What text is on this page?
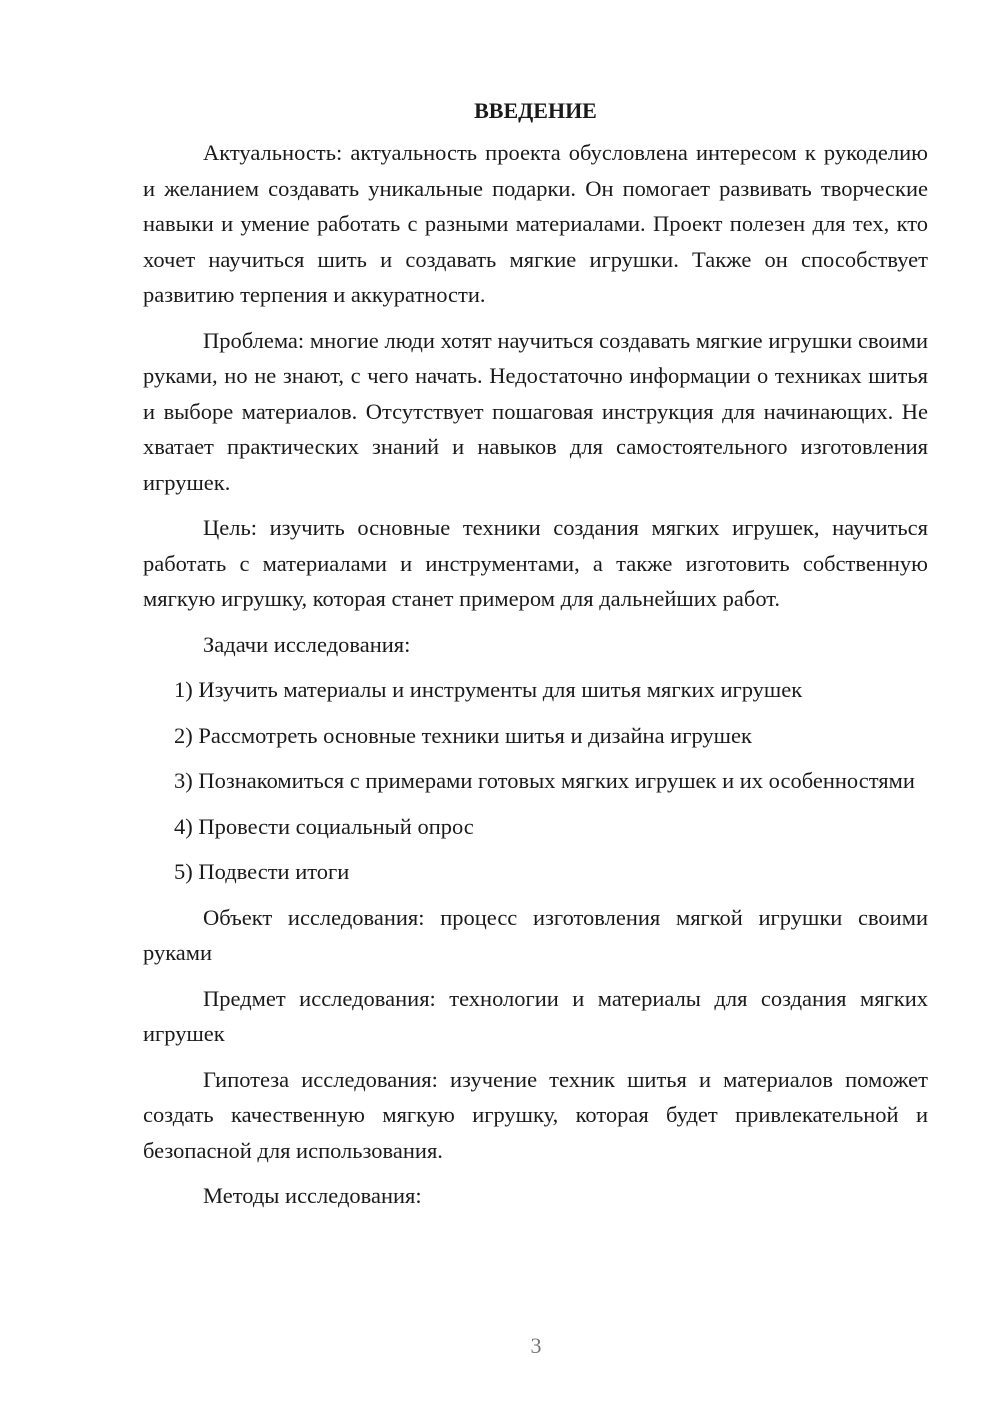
ВВЕДЕНИЕ

Актуальность: актуальность проекта обусловлена интересом к рукоделию и желанием создавать уникальные подарки. Он помогает развивать творческие навыки и умение работать с разными материалами. Проект полезен для тех, кто хочет научиться шить и создавать мягкие игрушки. Также он способствует развитию терпения и аккуратности.

Проблема: многие люди хотят научиться создавать мягкие игрушки своими руками, но не знают, с чего начать. Недостаточно информации о техниках шитья и выборе материалов. Отсутствует пошаговая инструкция для начинающих. Не хватает практических знаний и навыков для самостоятельного изготовления игрушек.

Цель: изучить основные техники создания мягких игрушек, научиться работать с материалами и инструментами, а также изготовить собственную мягкую игрушку, которая станет примером для дальнейших работ.

Задачи исследования:

1) Изучить материалы и инструменты для шитья мягких игрушек

2) Рассмотреть основные техники шитья и дизайна игрушек

3) Познакомиться с примерами готовых мягких игрушек и их особенностями

4) Провести социальный опрос

5) Подвести итоги

Объект исследования: процесс изготовления мягкой игрушки своими руками

Предмет исследования: технологии и материалы для создания мягких игрушек

Гипотеза исследования: изучение техник шитья и материалов поможет создать качественную мягкую игрушку, которая будет привлекательной и безопасной для использования.

Методы исследования:

3
